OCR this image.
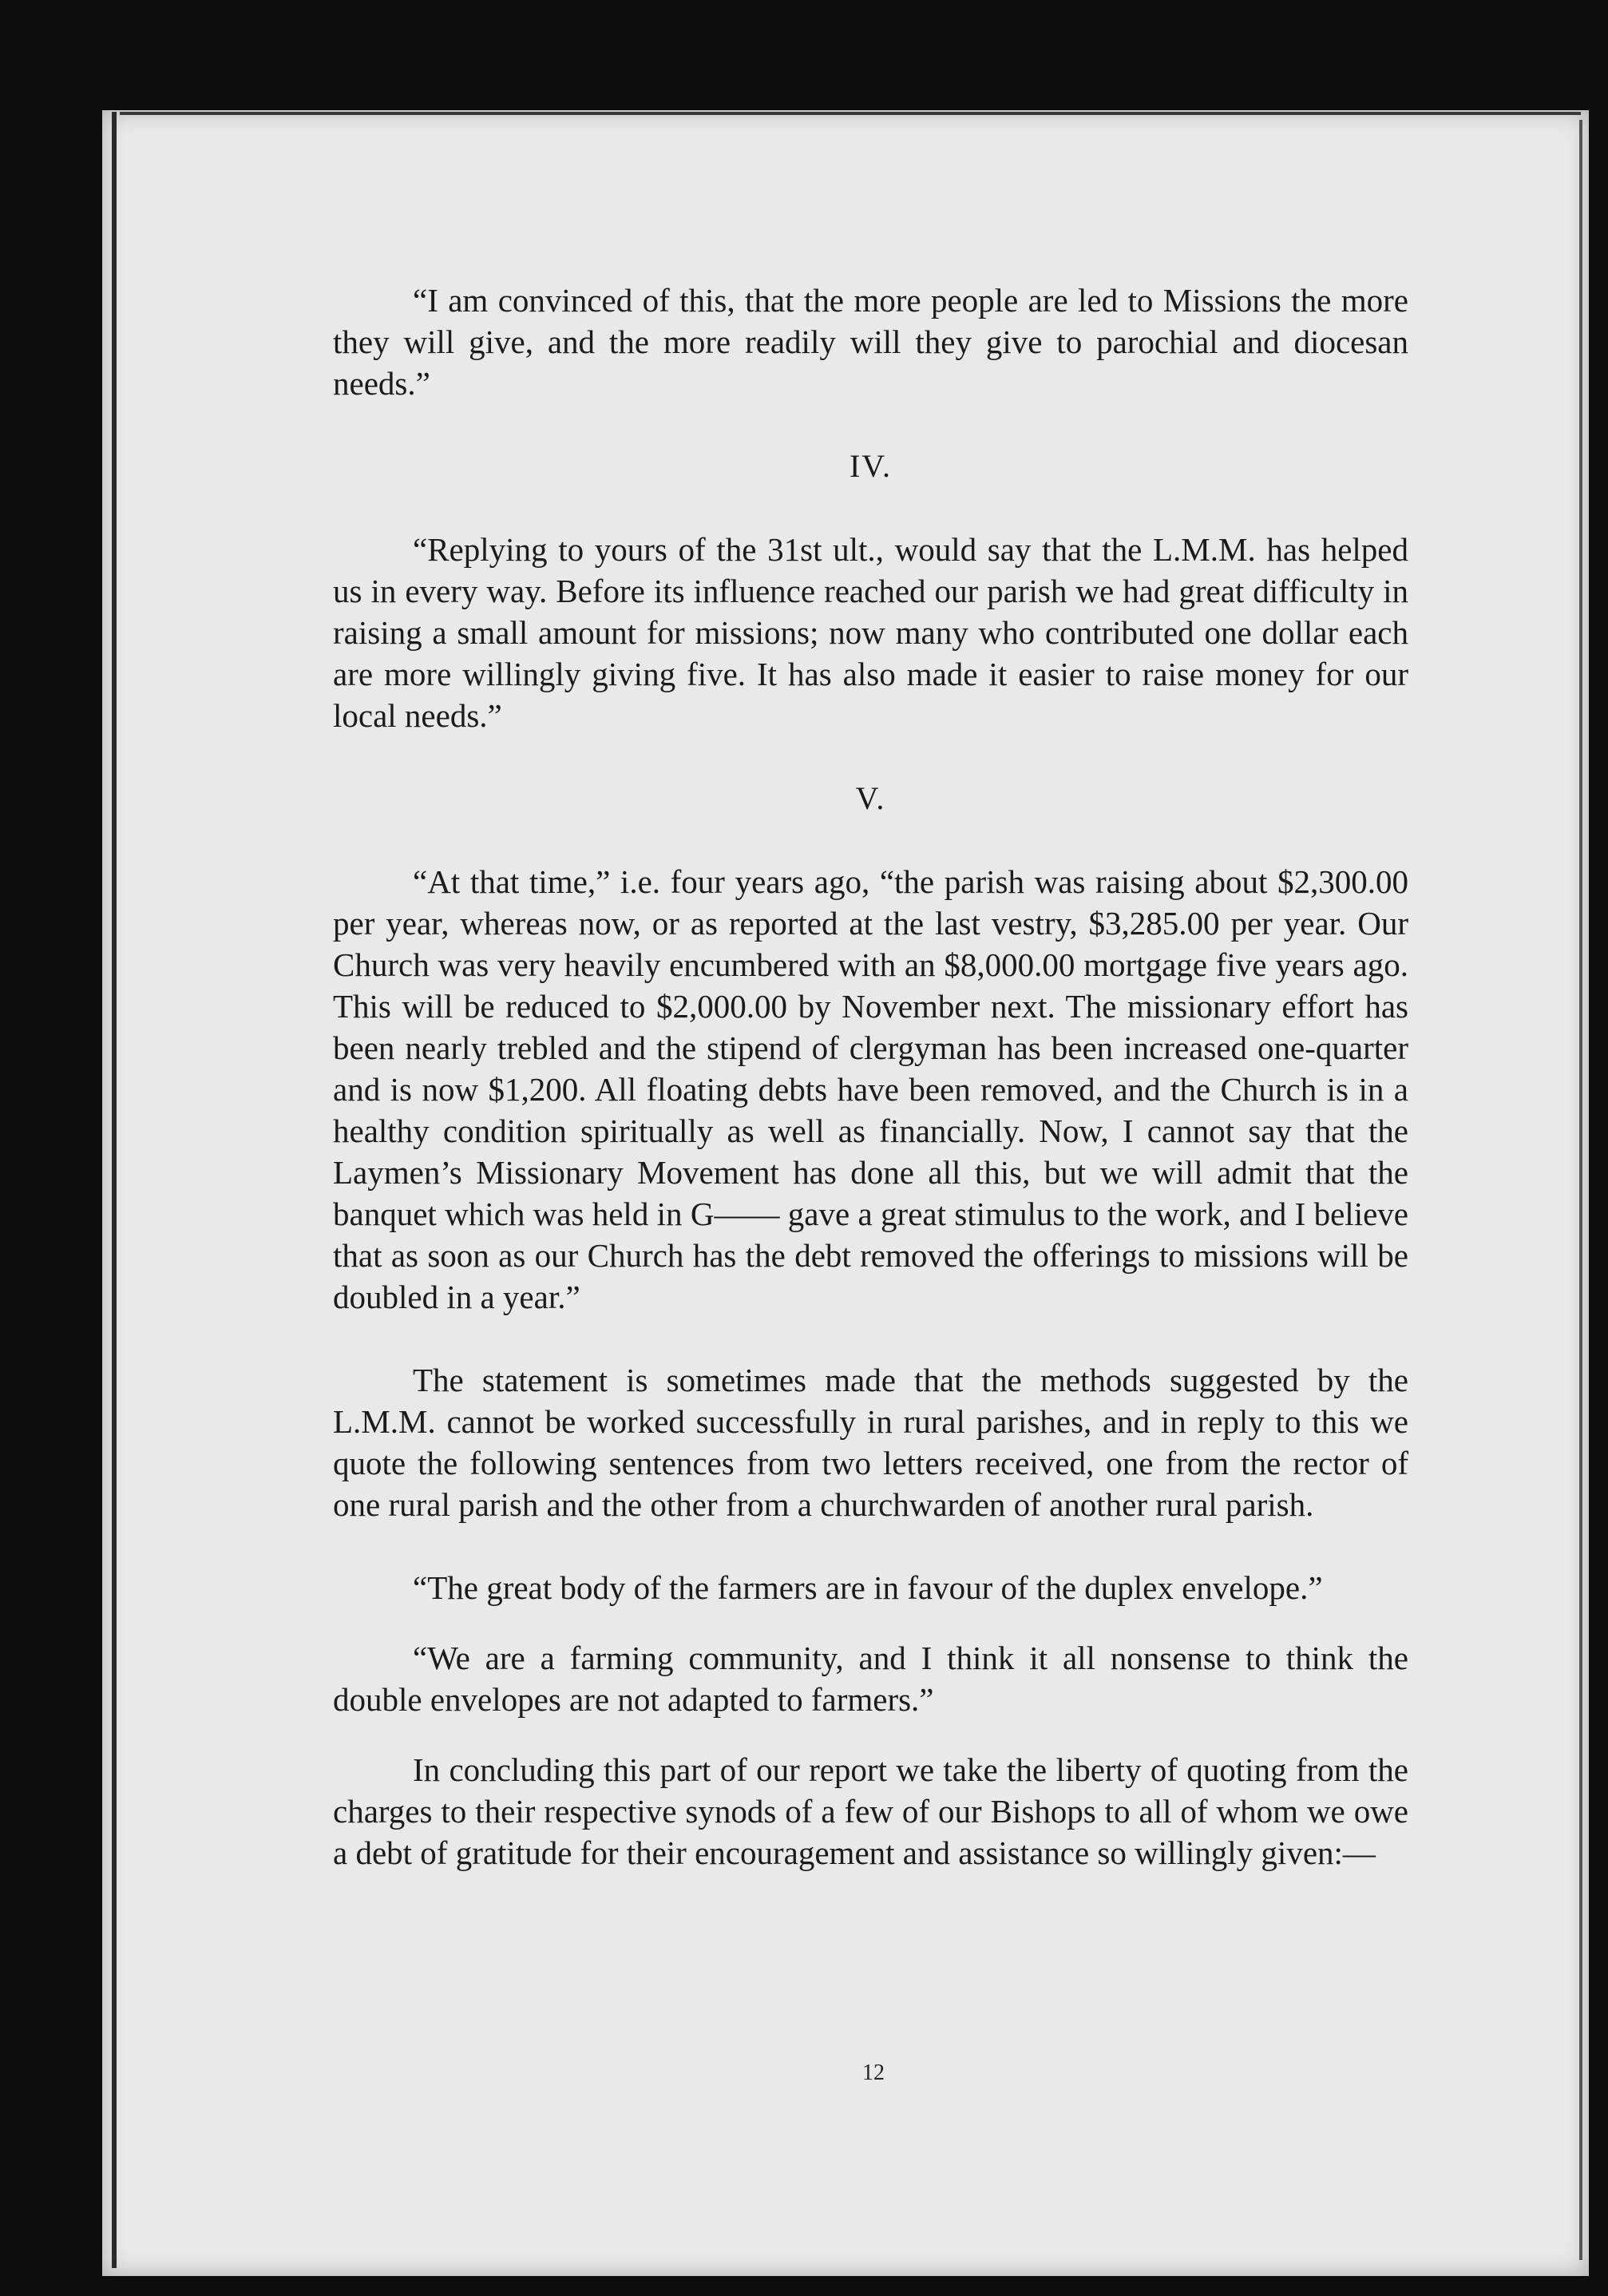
“I am convinced of this, that the more people are led to Missions the more they will give, and the more readily will they give to parochial and diocesan needs.”

IV.

“Replying to yours of the 31st ult., would say that the L.M.M. has helped us in every way. Before its influence reached our parish we had great difficulty in raising a small amount for missions; now many who contributed one dollar each are more willingly giving five. It has also made it easier to raise money for our local needs.”

V.

“At that time,” i.e. four years ago, “the parish was raising about $2,300.00 per year, whereas now, or as reported at the last vestry, $3,285.00 per year. Our Church was very heavily encumbered with an $8,000.00 mortgage five years ago. This will be reduced to $2,000.00 by November next. The missionary effort has been nearly trebled and the stipend of clergyman has been increased one-quarter and is now $1,200. All floating debts have been removed, and the Church is in a healthy condition spiritually as well as financially. Now, I cannot say that the Laymen’s Missionary Movement has done all this, but we will admit that the banquet which was held in G—— gave a great stimulus to the work, and I believe that as soon as our Church has the debt removed the offerings to missions will be doubled in a year.”

The statement is sometimes made that the methods suggested by the L.M.M. cannot be worked successfully in rural parishes, and in reply to this we quote the following sentences from two letters received, one from the rector of one rural parish and the other from a churchwarden of another rural parish.

“The great body of the farmers are in favour of the duplex envelope.”

“We are a farming community, and I think it all nonsense to think the double envelopes are not adapted to farmers.”

In concluding this part of our report we take the liberty of quoting from the charges to their respective synods of a few of our Bishops to all of whom we owe a debt of gratitude for their encouragement and assistance so willingly given:—

12
